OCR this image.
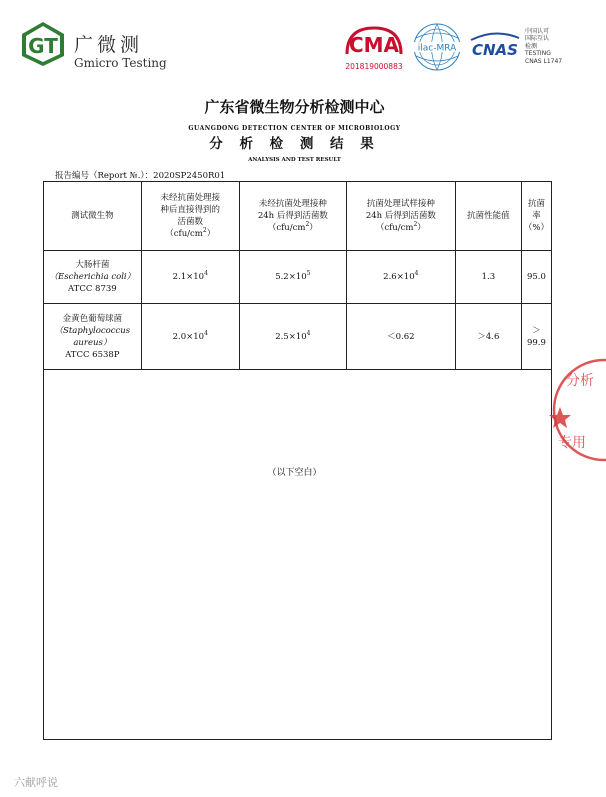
GT 广微测
Gmicro Testing
CMA
201819000883
ilac-MRA CNAS
中国认可
国际互认
检测
TESTING
CNAS L1747
广东省微生物分析检测中心
GUANGDONG DETECTION CENTER OF MICROBIOLOGY
分 析 检 测 结 果
ANALYSIS AND TEST RESULT
报告编号（Report №.）：2020SP2450R01
测试微生物	未经抗菌处理接
种后直接得到的
活菌数
$(cfu/cm^2)$	未经抗菌处理接种
24h 后得到活菌数
$(cfu/cm^2)$	抗菌处理试样接种
24h 后得到活菌数
$(cfu/cm^2)$	抗菌性能值	抗菌率
（%）

大肠杆菌
（Escherichia coli）
ATCC 8739	$2.1\times 10^4$	$5.2\times 10^5$	$2.6\times 10^4$	1.3	95.0

金黄色葡萄球菌
（Staphylococcus
aureus）
ATCC 6538P	$2.0\times 10^4$	$2.5\times 10^4$	＜0.62	＞4.6	＞99.9
（以下空白）
分析
专用
六献呼说
